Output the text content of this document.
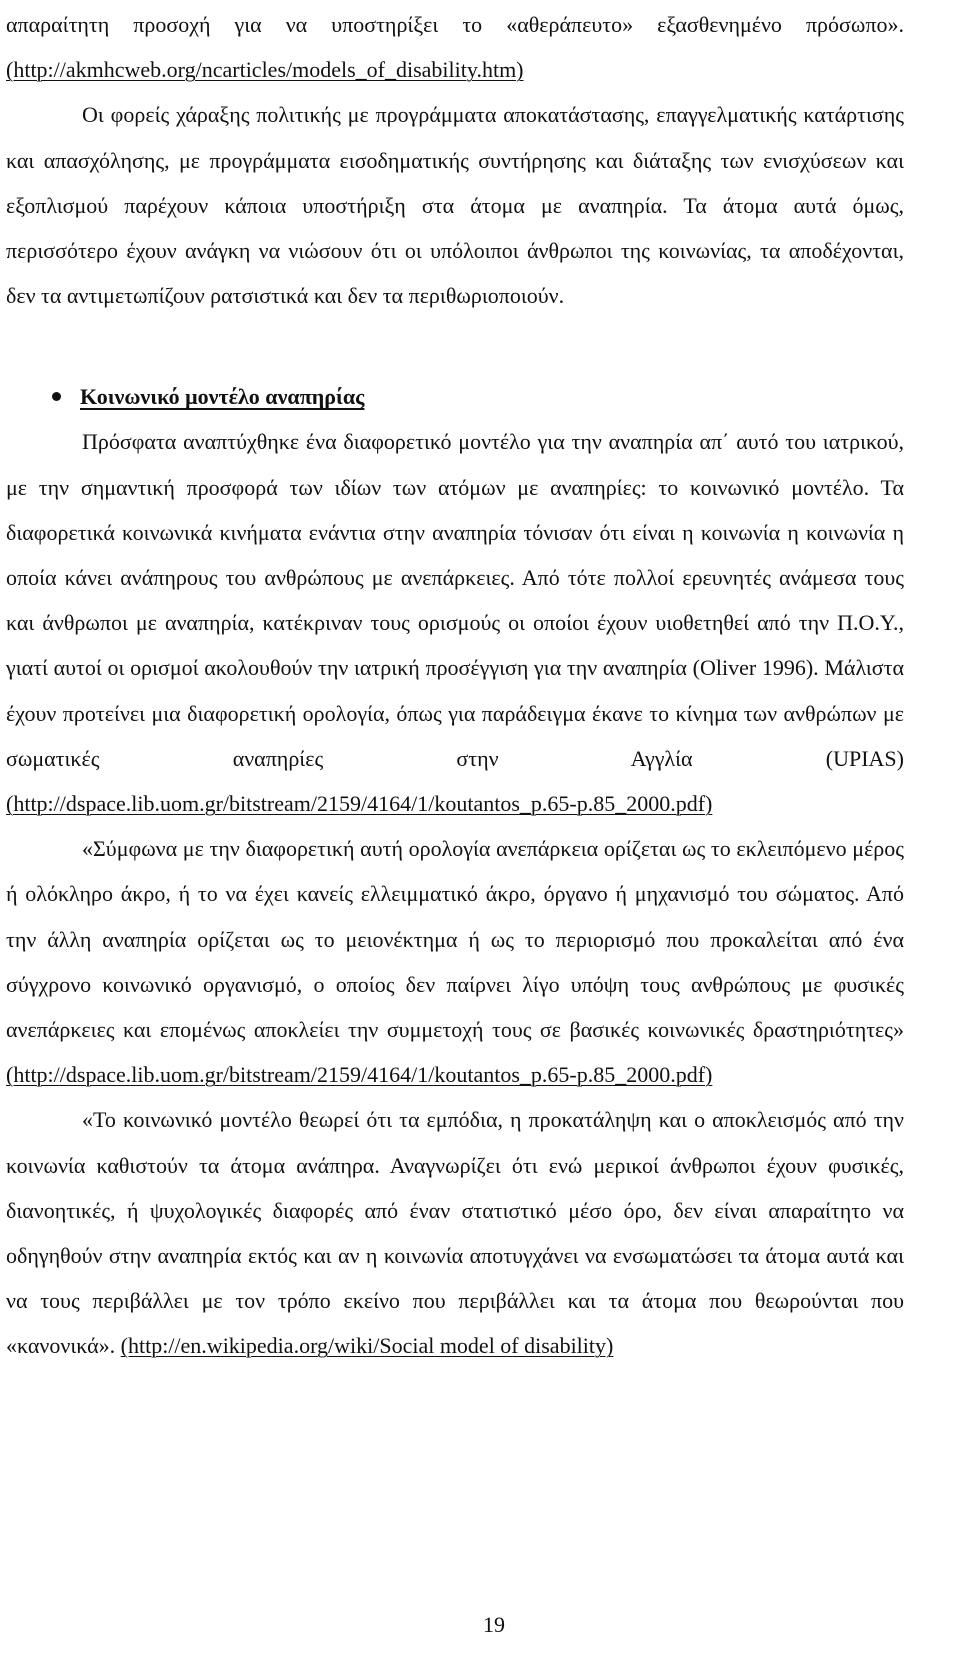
απαραίτητη προσοχή για να υποστηρίξει το «αθεράπευτο» εξασθενημένο πρόσωπο». (http://akmhcweb.org/ncarticles/models_of_disability.htm)

Οι φορείς χάραξης πολιτικής με προγράμματα αποκατάστασης, επαγγελματικής κατάρτισης και απασχόλησης, με προγράμματα εισοδηματικής συντήρησης και διάταξης των ενισχύσεων και εξοπλισμού παρέχουν κάποια υποστήριξη στα άτομα με αναπηρία. Τα άτομα αυτά όμως, περισσότερο έχουν ανάγκη να νιώσουν ότι οι υπόλοιποι άνθρωποι της κοινωνίας, τα αποδέχονται, δεν τα αντιμετωπίζουν ρατσιστικά και δεν τα περιθωριοποιούν.

Κοινωνικό μοντέλο αναπηρίας

Πρόσφατα αναπτύχθηκε ένα διαφορετικό μοντέλο για την αναπηρία απ΄ αυτό του ιατρικού, με την σημαντική προσφορά των ιδίων των ατόμων με αναπηρίες: το κοινωνικό μοντέλο. Τα διαφορετικά κοινωνικά κινήματα ενάντια στην αναπηρία τόνισαν ότι είναι η κοινωνία η κοινωνία η οποία κάνει ανάπηρους του ανθρώπους με ανεπάρκειες. Από τότε πολλοί ερευνητές ανάμεσα τους και άνθρωποι με αναπηρία, κατέκριναν τους ορισμούς οι οποίοι έχουν υιοθετηθεί από την Π.Ο.Υ., γιατί αυτοί οι ορισμοί ακολουθούν την ιατρική προσέγγιση για την αναπηρία (Oliver 1996). Μάλιστα έχουν προτείνει μια διαφορετική ορολογία, όπως για παράδειγμα έκανε το κίνημα των ανθρώπων με σωματικές αναπηρίες στην Αγγλία (UPIAS) (http://dspace.lib.uom.gr/bitstream/2159/4164/1/koutantos_p.65-p.85_2000.pdf)

«Σύμφωνα με την διαφορετική αυτή ορολογία ανεπάρκεια ορίζεται ως το εκλειπόμενο μέρος ή ολόκληρο άκρο, ή το να έχει κανείς ελλειμματικό άκρο, όργανο ή μηχανισμό του σώματος. Από την άλλη αναπηρία ορίζεται ως το μειονέκτημα ή ως το περιορισμό που προκαλείται από ένα σύγχρονο κοινωνικό οργανισμό, ο οποίος δεν παίρνει λίγο υπόψη τους ανθρώπους με φυσικές ανεπάρκειες και επομένως αποκλείει την συμμετοχή τους σε βασικές κοινωνικές δραστηριότητες» (http://dspace.lib.uom.gr/bitstream/2159/4164/1/koutantos_p.65-p.85_2000.pdf)

«Το κοινωνικό μοντέλο θεωρεί ότι τα εμπόδια, η προκατάληψη και ο αποκλεισμός από την κοινωνία καθιστούν τα άτομα ανάπηρα. Αναγνωρίζει ότι ενώ μερικοί άνθρωποι έχουν φυσικές, διανοητικές, ή ψυχολογικές διαφορές από έναν στατιστικό μέσο όρο, δεν είναι απαραίτητο να οδηγηθούν στην αναπηρία εκτός και αν η κοινωνία αποτυγχάνει να ενσωματώσει τα άτομα αυτά και να τους περιβάλλει με τον τρόπο εκείνο που περιβάλλει και τα άτομα που θεωρούνται που «κανονικά». (http://en.wikipedia.org/wiki/Social model of disability)

19
